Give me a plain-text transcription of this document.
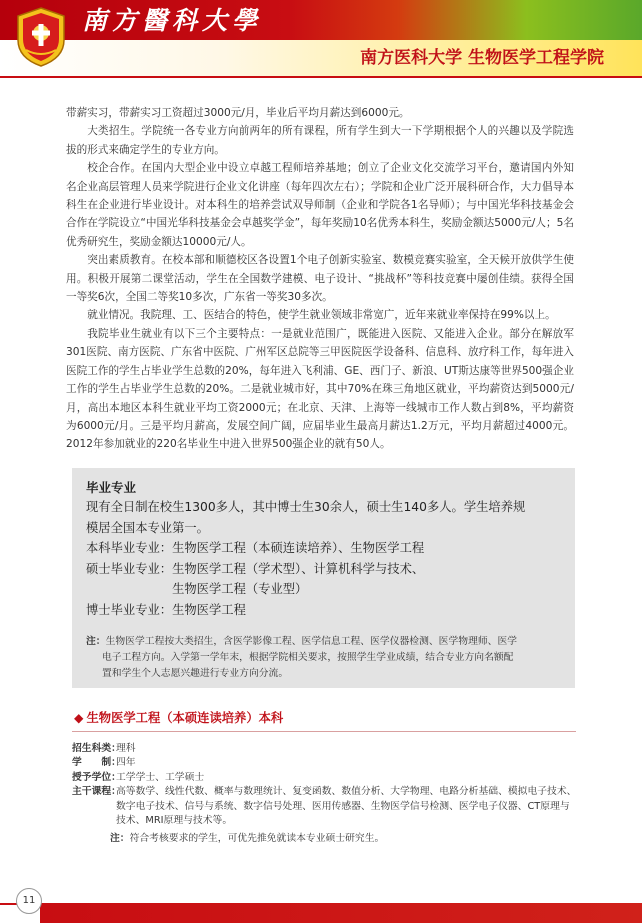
南方醫科大學
南方医科大学 生物医学工程学院

带薪实习，带薪实习工资超过3000元/月，毕业后平均月薪达到6000元。

大类招生。学院统一各专业方向前两年的所有课程，所有学生到大一下学期根据个人的兴趣以及学院选拔的形式来确定学生的专业方向。

校企合作。在国内大型企业中设立卓越工程师培养基地；创立了企业文化交流学习平台，邀请国内外知名企业高层管理人员来学院进行企业文化讲座（每年四次左右）；学院和企业广泛开展科研合作，大力倡导本科生在企业进行毕业设计。对本科生的培养尝试双导师制（企业和学院各1名导师）；与中国光华科技基金会合作在学院设立“中国光华科技基金会卓越奖学金”，每年奖励10名优秀本科生，奖励金额达5000元/人；5名优秀研究生，奖励金额达10000元/人。

突出素质教育。在校本部和顺德校区各设置1个电子创新实验室、数模竞赛实验室，全天候开放供学生使用。积极开展第二课堂活动，学生在全国数学建模、电子设计、“挑战杯”等科技竞赛中屡创佳绩。获得全国一等奖6次，全国二等奖10多次，广东省一等奖30多次。

就业情况。我院理、工、医结合的特色，使学生就业领域非常宽广，近年来就业率保持在99%以上。

我院毕业生就业有以下三个主要特点：一是就业范围广，既能进入医院、又能进入企业。部分在解放军301医院、南方医院、广东省中医院、广州军区总院等三甲医院医学设备科、信息科、放疗科工作，每年进入医院工作的学生占毕业学生总数的20%，每年进入飞利浦、GE、西门子、新浪、UT斯达康等世界500强企业工作的学生占毕业学生总数的20%。二是就业城市好，其中70%在珠三角地区就业，平均薪资达到5000元/月，高出本地区本科生就业平均工资2000元；在北京、天津、上海等一线城市工作人数占到8%，平均薪资为6000元/月。三是平均月薪高，发展空间广阔，应届毕业生最高月薪达1.2万元，平均月薪超过4000元。2012年参加就业的220名毕业生中进入世界500强企业的就有50人。

毕业专业
现有全日制在校生1300多人，其中博士生30余人，硕士生140多人。学生培养规
模居全国本专业第一。
本科毕业专业：生物医学工程（本硕连读培养）、生物医学工程
硕士毕业专业：生物医学工程（学术型）、计算机科学与技术、
　　　　　　　生物医学工程（专业型）
博士毕业专业：生物医学工程
注：生物医学工程按大类招生，含医学影像工程、医学信息工程、医学仪器检测、医学物理师、医学
电子工程方向。入学第一学年末，根据学院相关要求，按照学生学业成绩，结合专业方向名额配
置和学生个人志愿兴趣进行专业方向分流。
◆ 生物医学工程（本硕连读培养）本科
招生科类：
理科
学　　制：
四年
授予学位：
工学学士、工学硕士
主干课程：
高等数学、线性代数、概率与数理统计、复变函数、数值分析、大学物理、电路分析基础、模拟电子技术、数字电子技术、信号与系统、数字信号处理、医用传感器、生物医学信号检测、医学电子仪器、CT原理与技术、MRI原理与技术等。
注：符合考核要求的学生，可优先推免就读本专业硕士研究生。
11
